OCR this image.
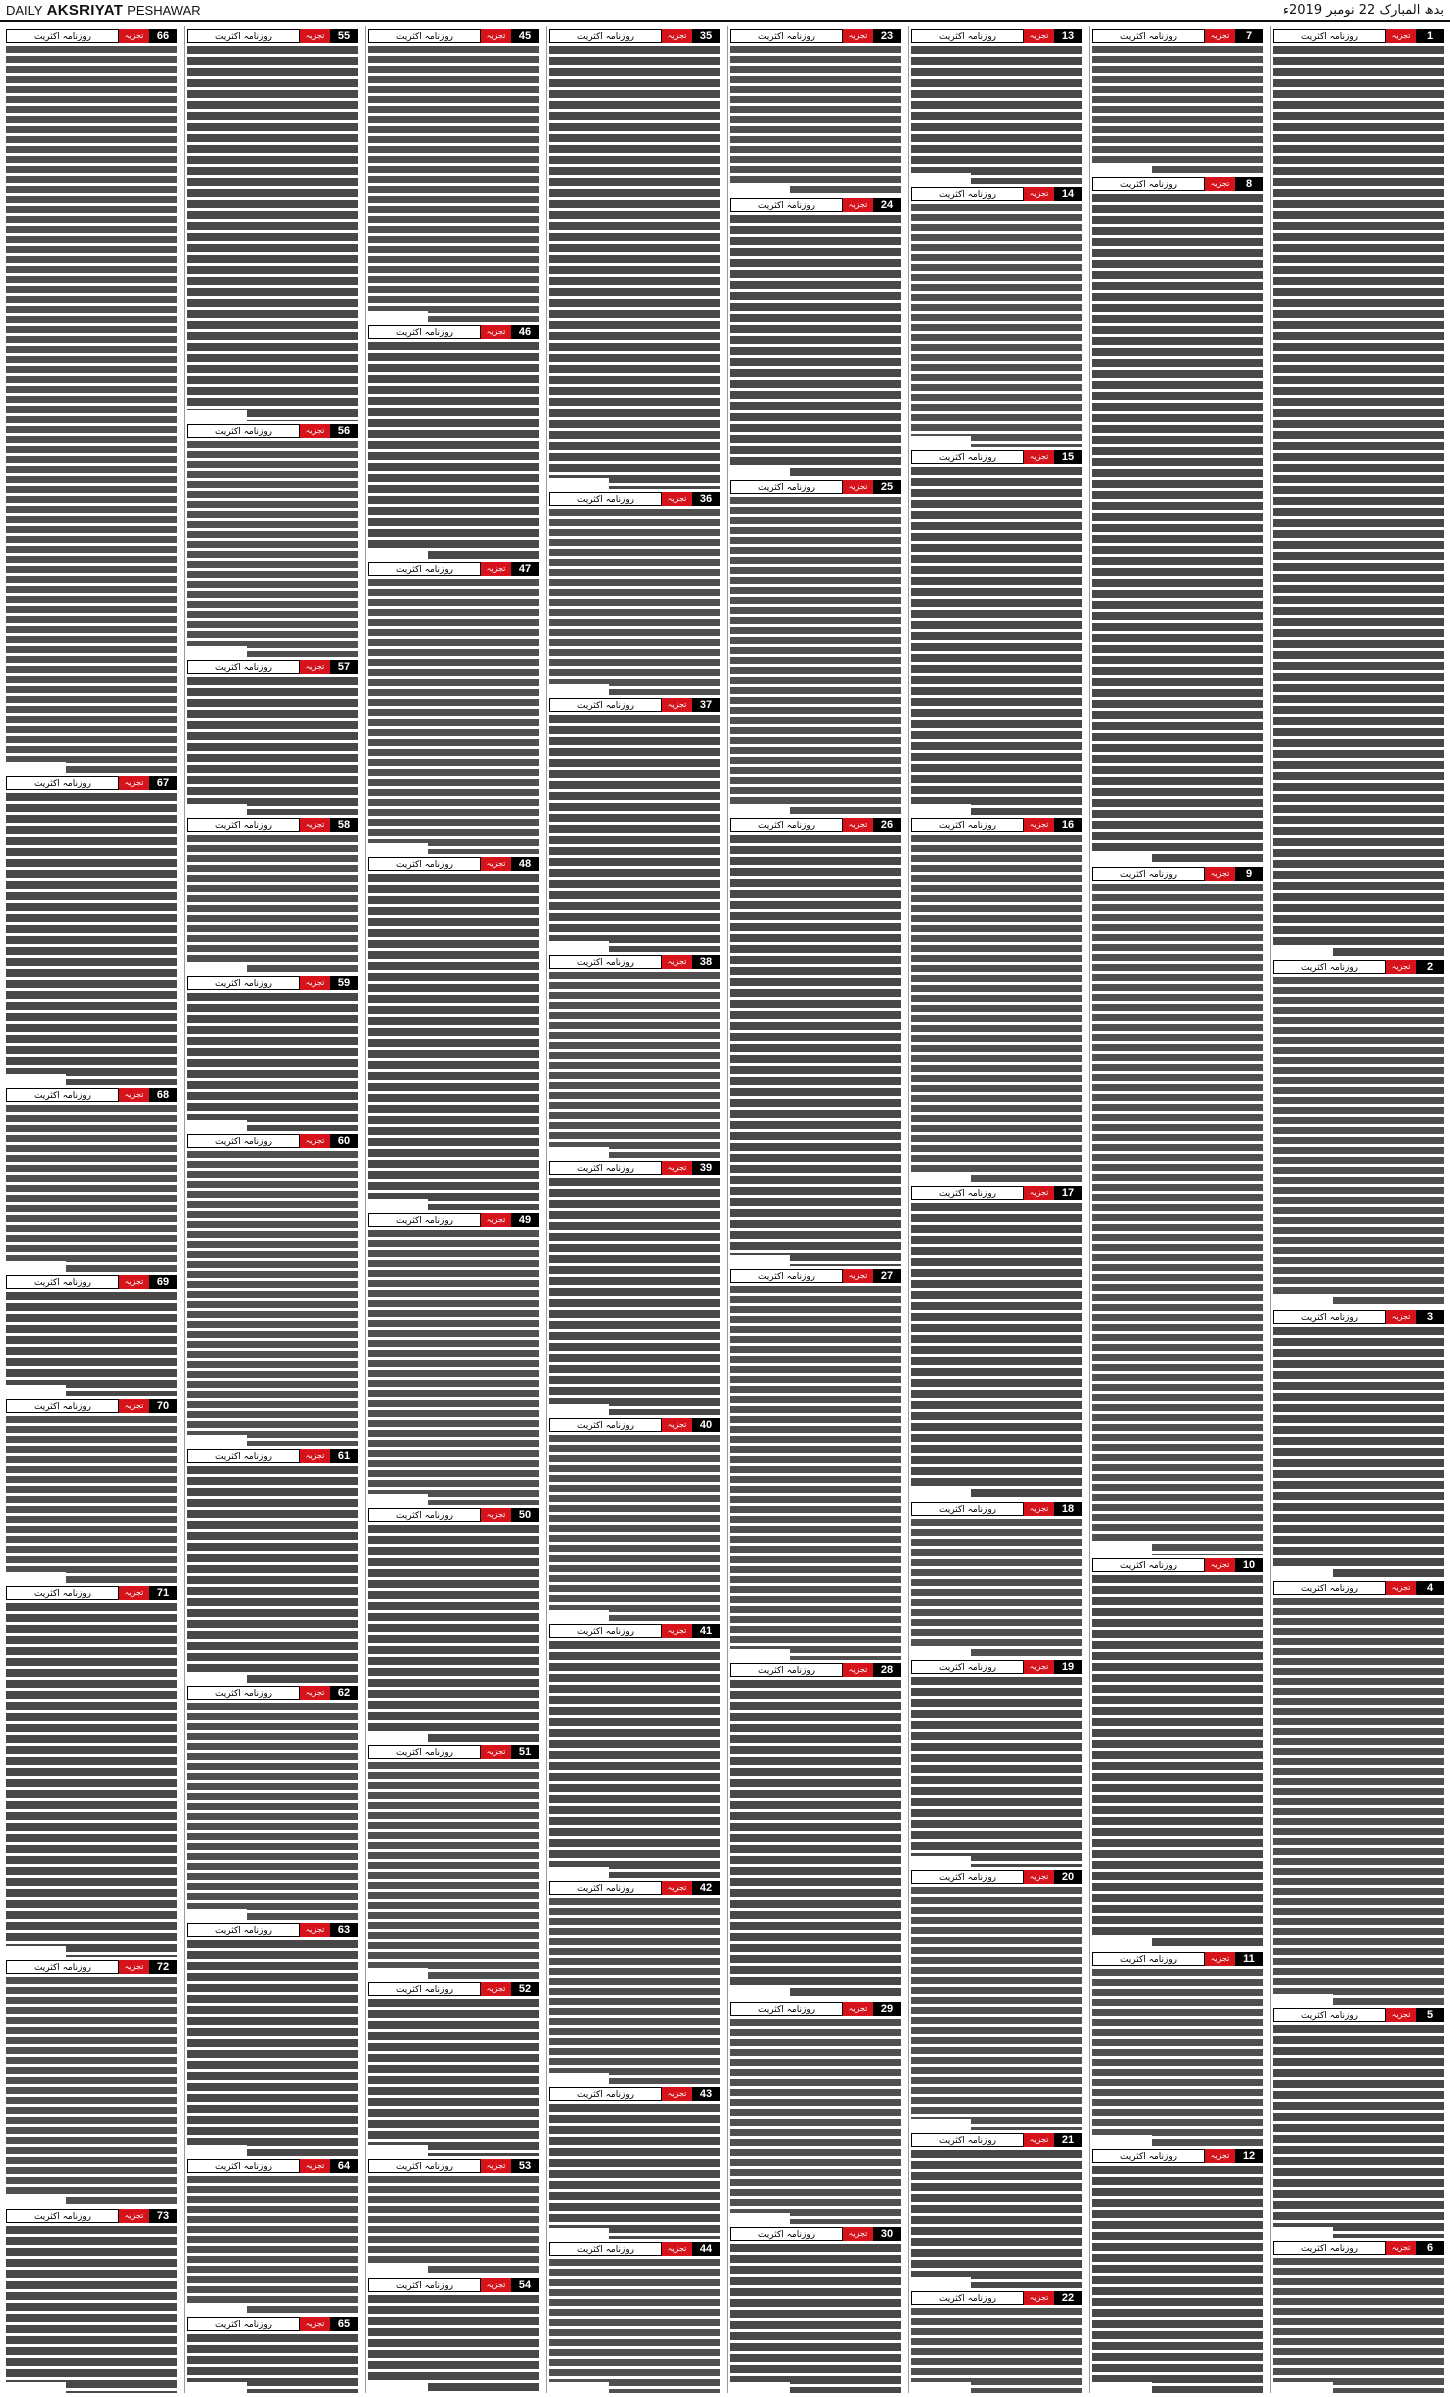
DAILY AKSRIYAT PESHAWAR	بدھ المبارک 22 نومبر 2019ء
1
تجزیہ
روزنامہ اکثریت
2
تجزیہ
روزنامہ اکثریت
3
تجزیہ
روزنامہ اکثریت
4
تجزیہ
روزنامہ اکثریت
5
تجزیہ
روزنامہ اکثریت
6
تجزیہ
روزنامہ اکثریت
7
تجزیہ
روزنامہ اکثریت
8
تجزیہ
روزنامہ اکثریت
9
تجزیہ
روزنامہ اکثریت
10
تجزیہ
روزنامہ اکثریت
11
تجزیہ
روزنامہ اکثریت
12
تجزیہ
روزنامہ اکثریت
13
تجزیہ
روزنامہ اکثریت
14
تجزیہ
روزنامہ اکثریت
15
تجزیہ
روزنامہ اکثریت
16
تجزیہ
روزنامہ اکثریت
17
تجزیہ
روزنامہ اکثریت
18
تجزیہ
روزنامہ اکثریت
19
تجزیہ
روزنامہ اکثریت
20
تجزیہ
روزنامہ اکثریت
21
تجزیہ
روزنامہ اکثریت
22
تجزیہ
روزنامہ اکثریت
23
تجزیہ
روزنامہ اکثریت
24
تجزیہ
روزنامہ اکثریت
25
تجزیہ
روزنامہ اکثریت
26
تجزیہ
روزنامہ اکثریت
27
تجزیہ
روزنامہ اکثریت
28
تجزیہ
روزنامہ اکثریت
29
تجزیہ
روزنامہ اکثریت
30
تجزیہ
روزنامہ اکثریت
35
تجزیہ
روزنامہ اکثریت
36
تجزیہ
روزنامہ اکثریت
37
تجزیہ
روزنامہ اکثریت
38
تجزیہ
روزنامہ اکثریت
39
تجزیہ
روزنامہ اکثریت
40
تجزیہ
روزنامہ اکثریت
41
تجزیہ
روزنامہ اکثریت
42
تجزیہ
روزنامہ اکثریت
43
تجزیہ
روزنامہ اکثریت
44
تجزیہ
روزنامہ اکثریت
45
تجزیہ
روزنامہ اکثریت
46
تجزیہ
روزنامہ اکثریت
47
تجزیہ
روزنامہ اکثریت
48
تجزیہ
روزنامہ اکثریت
49
تجزیہ
روزنامہ اکثریت
50
تجزیہ
روزنامہ اکثریت
51
تجزیہ
روزنامہ اکثریت
52
تجزیہ
روزنامہ اکثریت
53
تجزیہ
روزنامہ اکثریت
54
تجزیہ
روزنامہ اکثریت
55
تجزیہ
روزنامہ اکثریت
56
تجزیہ
روزنامہ اکثریت
57
تجزیہ
روزنامہ اکثریت
58
تجزیہ
روزنامہ اکثریت
59
تجزیہ
روزنامہ اکثریت
60
تجزیہ
روزنامہ اکثریت
61
تجزیہ
روزنامہ اکثریت
62
تجزیہ
روزنامہ اکثریت
63
تجزیہ
روزنامہ اکثریت
64
تجزیہ
روزنامہ اکثریت
65
تجزیہ
روزنامہ اکثریت
66
تجزیہ
روزنامہ اکثریت
67
تجزیہ
روزنامہ اکثریت
68
تجزیہ
روزنامہ اکثریت
69
تجزیہ
روزنامہ اکثریت
70
تجزیہ
روزنامہ اکثریت
71
تجزیہ
روزنامہ اکثریت
72
تجزیہ
روزنامہ اکثریت
73
تجزیہ
روزنامہ اکثریت
